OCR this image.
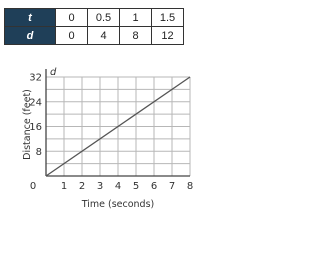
t	0	0.5	1	1.5
d	0	4	8	12
0 1 2 3 4 5 6 7 8
8
16
24
32
Distance (feet)
Time (seconds)
d
